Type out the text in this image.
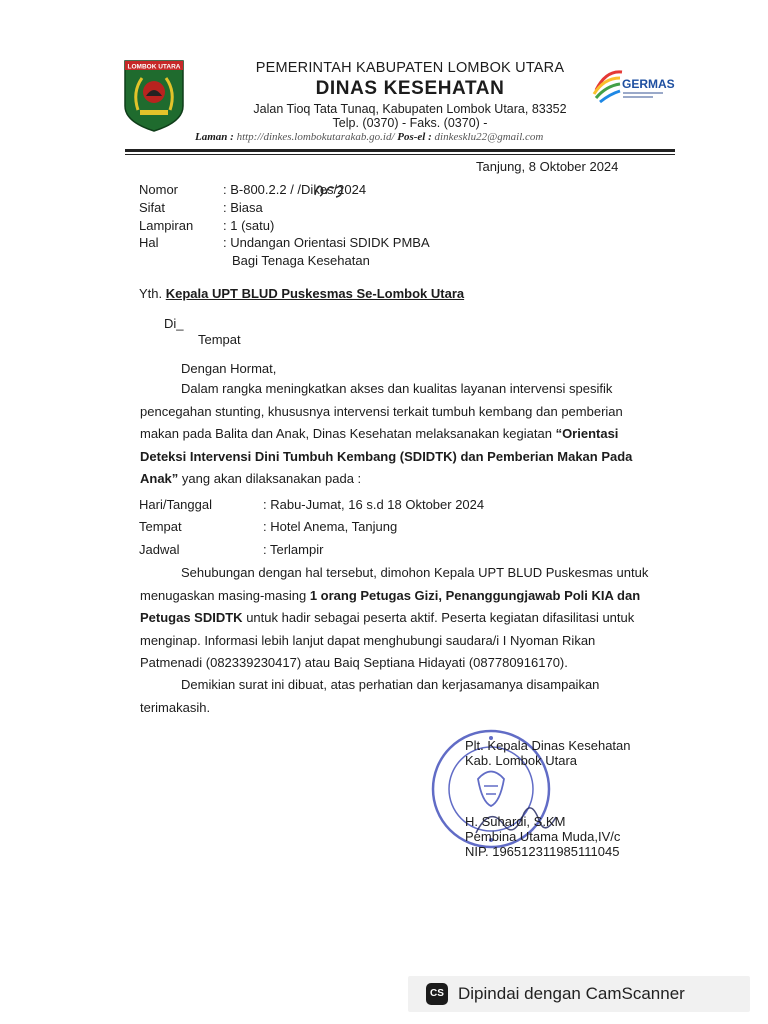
LOMBOK UTARA	PEMERINTAH KABUPATEN LOMBOK UTARA
DINAS KESEHATAN
Jalan Tioq Tata Tunaq, Kabupaten Lombok Utara, 83352
Telp. (0370) - Faks. (0370) -
Laman : http://dinkes.lombokutarakab.go.id/ Pos-el : dinkesklu22@gmail.com
GERMAS
Tanjung, 8 Oktober 2024
Nomor	: B-800.2.2 / /Dikes/2024
Sifat	: Biasa
Lampiran : 1 (satu)
Hal	: Undangan Orientasi SDIDK PMBA
Bagi Tenaga Kesehatan
Yth. Kepala UPT BLUD Puskesmas Se-Lombok Utara
Di_
Tempat
Dengan Hormat,
Dalam rangka meningkatkan akses dan kualitas layanan intervensi spesifik
pencegahan stunting, khususnya intervensi terkait tumbuh kembang dan pemberian
makan pada Balita dan Anak, Dinas Kesehatan melaksanakan kegiatan “Orientasi
Deteksi Intervensi Dini Tumbuh Kembang (SDIDTK) dan Pemberian Makan Pada
Anak” yang akan dilaksanakan pada :
Hari/Tanggal	: Rabu-Jumat, 16 s.d 18 Oktober 2024
Tempat	: Hotel Anema, Tanjung
Jadwal	: Terlampir
Sehubungan dengan hal tersebut, dimohon Kepala UPT BLUD Puskesmas untuk
menugaskan masing-masing 1 orang Petugas Gizi, Penanggungjawab Poli KIA dan
Petugas SDIDTK untuk hadir sebagai peserta aktif. Peserta kegiatan difasilitasi untuk
menginap. Informasi lebih lanjut dapat menghubungi saudara/i I Nyoman Rikan
Patmenadi (082339230417) atau Baiq Septiana Hidayati (087780916170).
Demikian surat ini dibuat, atas perhatian dan kerjasamanya disampaikan
terimakasih.
Plt. Kepala Dinas Kesehatan
Kab. Lombok Utara
H. Suhardi, S.KM
Pembina Utama Muda,IV/c
NIP. 196512311985111045
CS Dipindai dengan CamScanner
